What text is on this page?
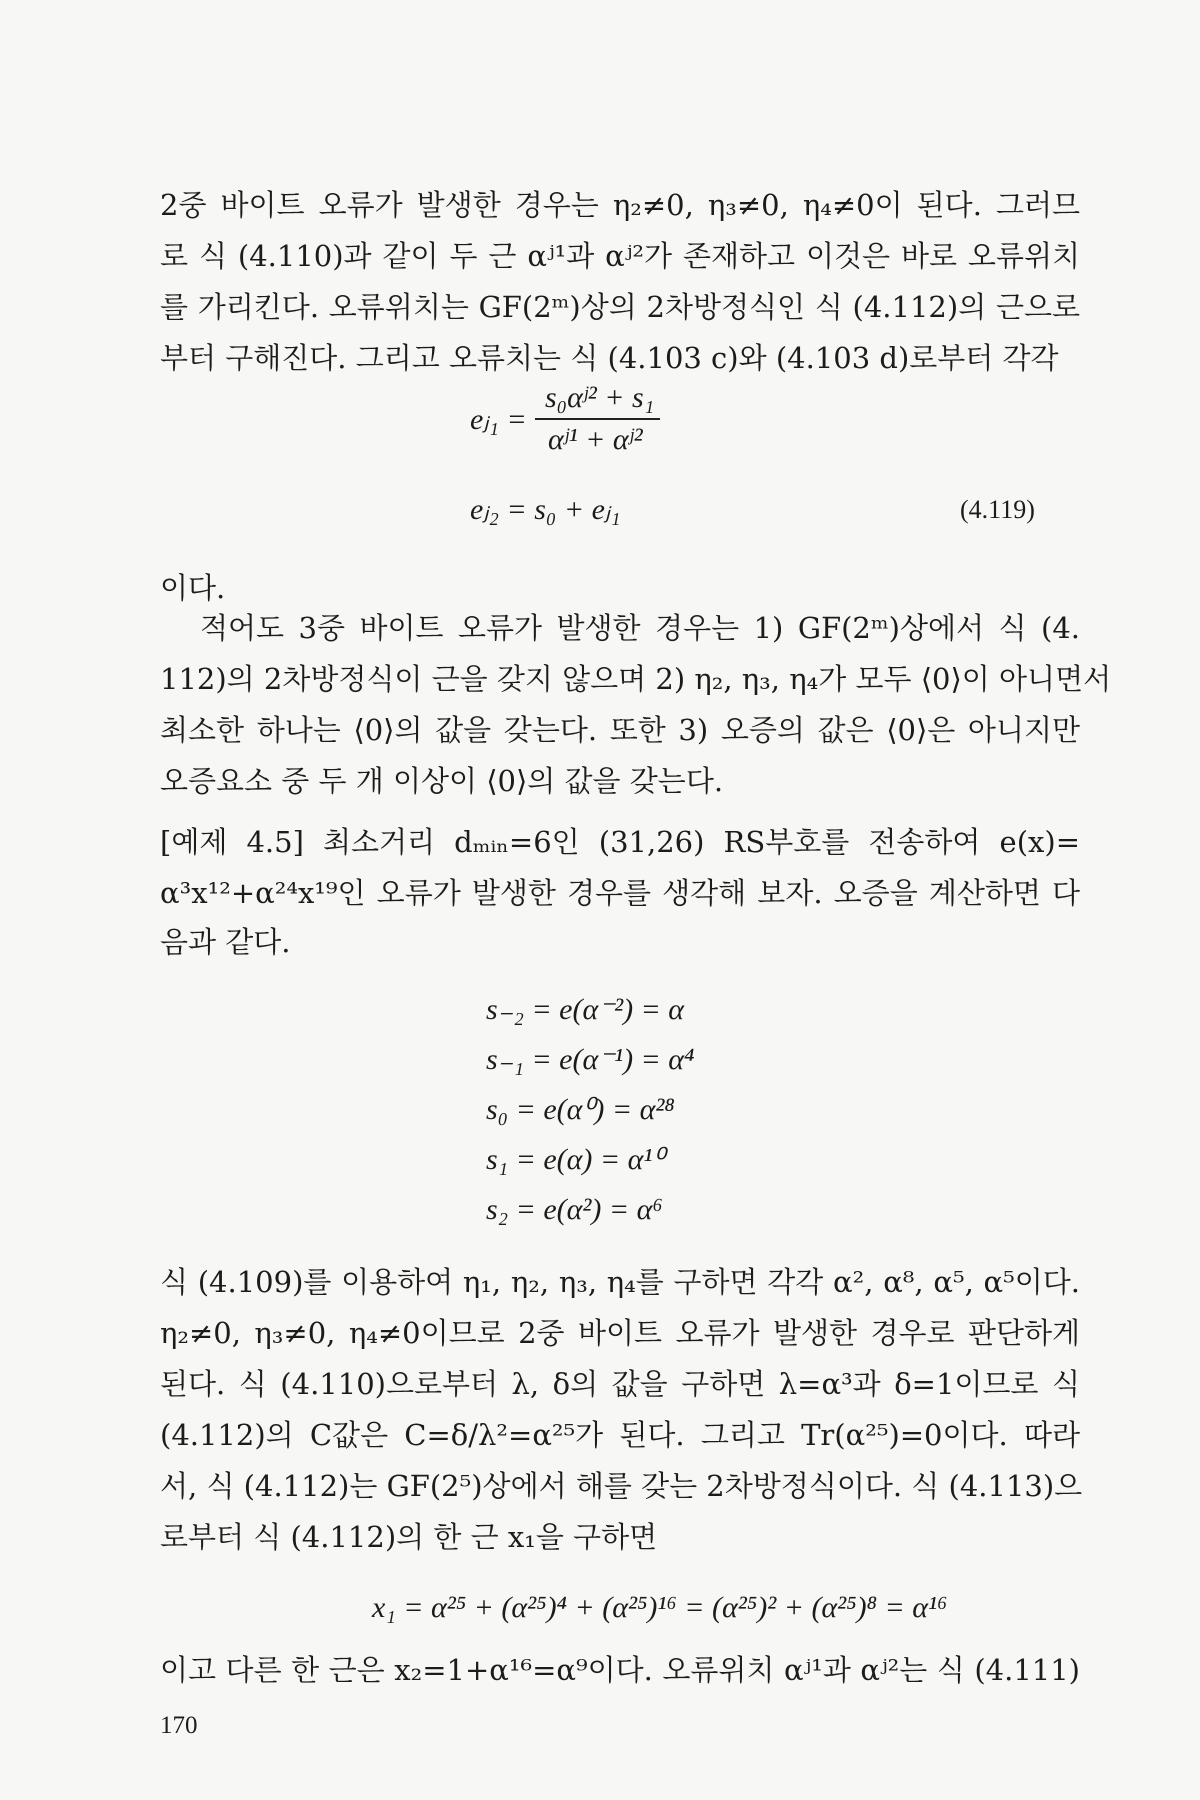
2중 바이트 오류가 발생한 경우는 η₂≠0, η₃≠0, η₄≠0이 된다. 그러므
로 식 (4.110)과 같이 두 근 αʲ¹과 αʲ²가 존재하고 이것은 바로 오류위치
를 가리킨다. 오류위치는 GF(2ᵐ)상의 2차방정식인 식 (4.112)의 근으로
부터 구해진다. 그리고 오류치는 식 (4.103 c)와 (4.103 d)로부터 각각
eⱼ₁ =
s₀αʲ² + s₁
αʲ¹ + αʲ²
eⱼ₂ = s₀ + eⱼ₁	(4.119)
이다.
적어도 3중 바이트 오류가 발생한 경우는 1) GF(2ᵐ)상에서 식 (4.
112)의 2차방정식이 근을 갖지 않으며 2) η₂, η₃, η₄가 모두 ⟨0⟩이 아니면서
최소한 하나는 ⟨0⟩의 값을 갖는다. 또한 3) 오증의 값은 ⟨0⟩은 아니지만
오증요소 중 두 개 이상이 ⟨0⟩의 값을 갖는다.
[예제 4.5] 최소거리 dₘᵢₙ=6인 (31,26) RS부호를 전송하여 e(x)=
α³x¹²+α²⁴x¹⁹인 오류가 발생한 경우를 생각해 보자. 오증을 계산하면 다
음과 같다.
s₋₂ = e(α⁻²) = α
s₋₁ = e(α⁻¹) = α⁴
s₀ = e(α⁰) = α²⁸
s₁ = e(α) = α¹⁰
s₂ = e(α²) = α⁶
식 (4.109)를 이용하여 η₁, η₂, η₃, η₄를 구하면 각각 α², α⁸, α⁵, α⁵이다.
η₂≠0, η₃≠0, η₄≠0이므로 2중 바이트 오류가 발생한 경우로 판단하게
된다. 식 (4.110)으로부터 λ, δ의 값을 구하면 λ=α³과 δ=1이므로 식
(4.112)의 C값은 C=δ/λ²=α²⁵가 된다. 그리고 Tr(α²⁵)=0이다. 따라
서, 식 (4.112)는 GF(2⁵)상에서 해를 갖는 2차방정식이다. 식 (4.113)으
로부터 식 (4.112)의 한 근 x₁을 구하면
x₁ = α²⁵ + (α²⁵)⁴ + (α²⁵)¹⁶ = (α²⁵)² + (α²⁵)⁸ = α¹⁶
이고 다른 한 근은 x₂=1+α¹⁶=α⁹이다. 오류위치 αʲ¹과 αʲ²는 식 (4.111)
170
